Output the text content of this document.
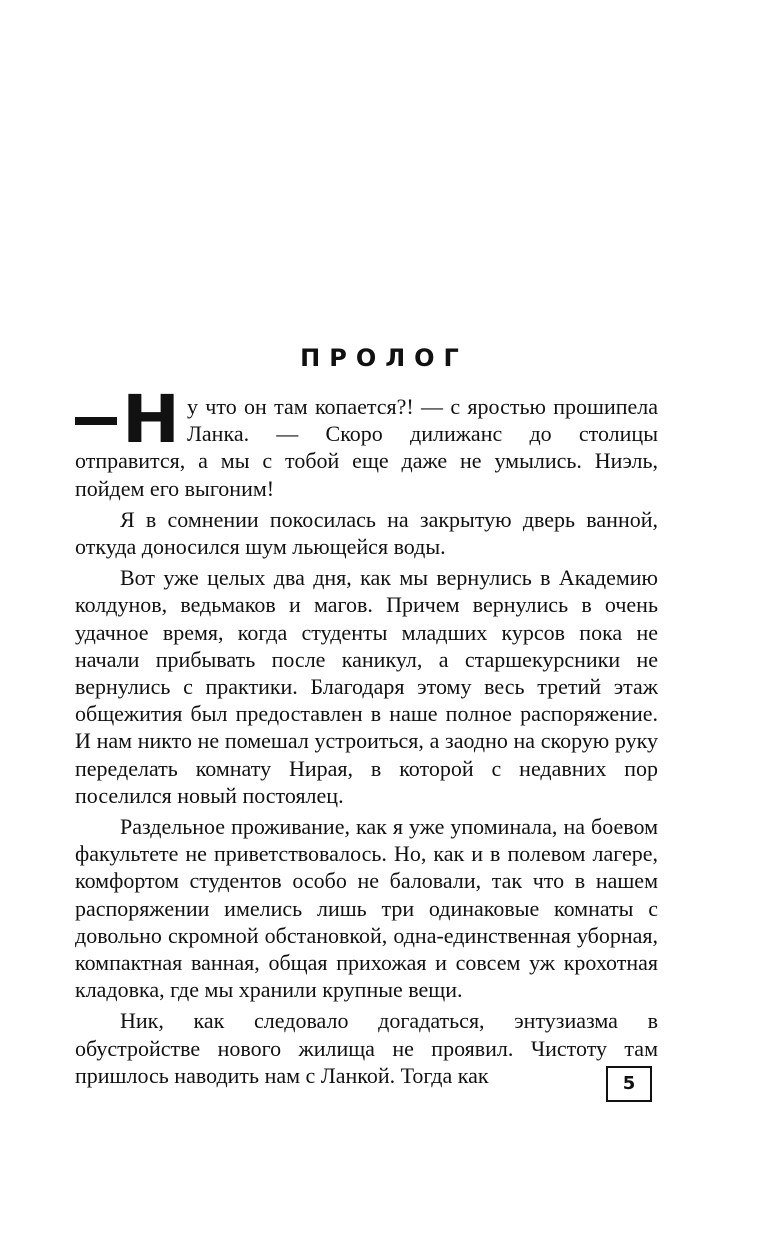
ПРОЛОГ
Н у что он там копается?! — с яростью прошипела Ланка. — Скоро дилижанс до столицы отправится, а мы с тобой еще даже не умылись. Ниэль, пойдем его выгоним!

Я в сомнении покосилась на закрытую дверь ванной, откуда доносился шум льющейся воды.

Вот уже целых два дня, как мы вернулись в Академию колдунов, ведьмаков и магов. Причем вернулись в очень удачное время, когда студенты младших курсов пока не начали прибывать после каникул, а старшекурсники не вернулись с практики. Благодаря этому весь третий этаж общежития был предоставлен в наше полное распоряжение. И нам никто не помешал устроиться, а заодно на скорую руку переделать комнату Нирая, в которой с недавних пор поселился новый постоялец.

Раздельное проживание, как я уже упоминала, на боевом факультете не приветствовалось. Но, как и в полевом лагере, комфортом студентов особо не баловали, так что в нашем распоряжении имелись лишь три одинаковые комнаты с довольно скромной обстановкой, одна-единственная уборная, компактная ванная, общая прихожая и совсем уж крохотная кладовка, где мы хранили крупные вещи.

Ник, как следовало догадаться, энтузиазма в обустройстве нового жилища не проявил. Чистоту там пришлось наводить нам с Ланкой. Тогда как	5
